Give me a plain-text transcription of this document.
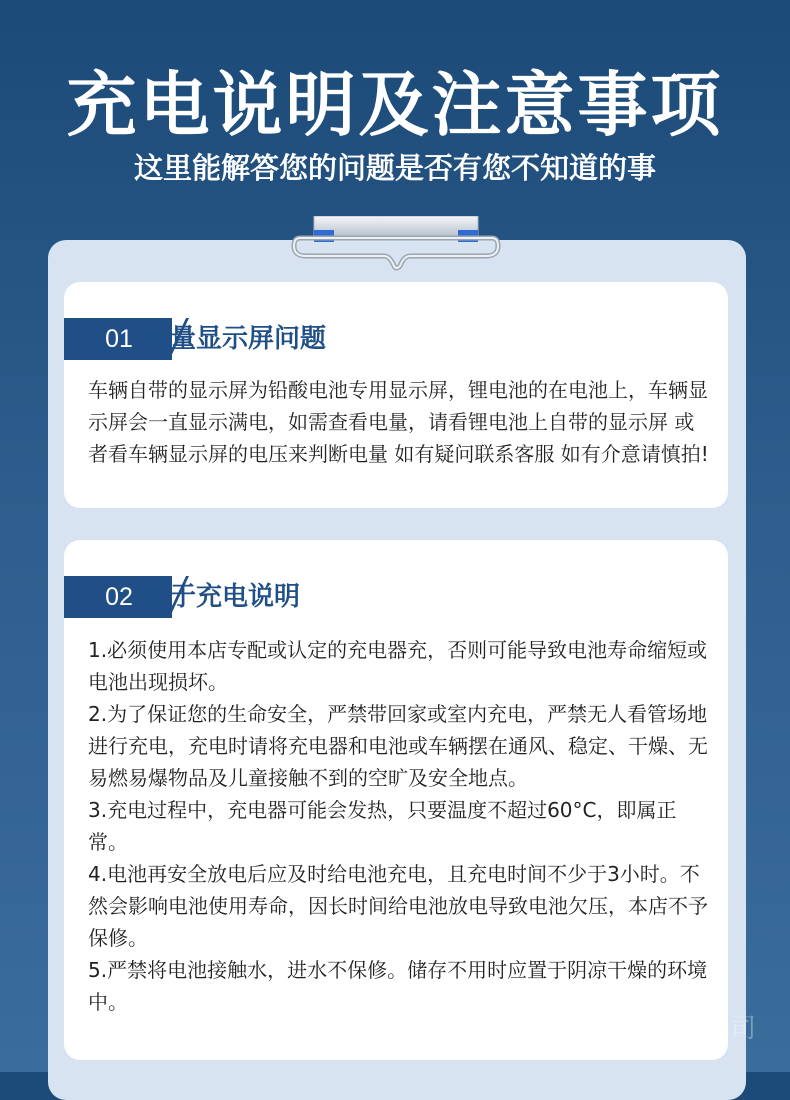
充电说明及注意事项

这里能解答您的问题是否有您不知道的事

01 电量显示屏问题

车辆自带的显示屏为铅酸电池专用显示屏，锂电池的在电池上，车辆显示屏会一直显示满电，如需查看电量，请看锂电池上自带的显示屏 或者看车辆显示屏的电压来判断电量 如有疑问联系客服 如有介意请慎拍!

02 关于充电说明

1.必须使用本店专配或认定的充电器充，否则可能导致电池寿命缩短或电池出现损坏。

2.为了保证您的生命安全，严禁带回家或室内充电，严禁无人看管场地进行充电，充电时请将充电器和电池或车辆摆在通风、稳定、干燥、无易燃易爆物品及儿童接触不到的空旷及安全地点。

3.充电过程中，充电器可能会发热，只要温度不超过60°C，即属正常。

4.电池再安全放电后应及时给电池充电，且充电时间不少于3小时。不然会影响电池使用寿命，因长时间给电池放电导致电池欠压，本店不予保修。

5.严禁将电池接触水，进水不保修。储存不用时应置于阴凉干燥的环境中。

司
